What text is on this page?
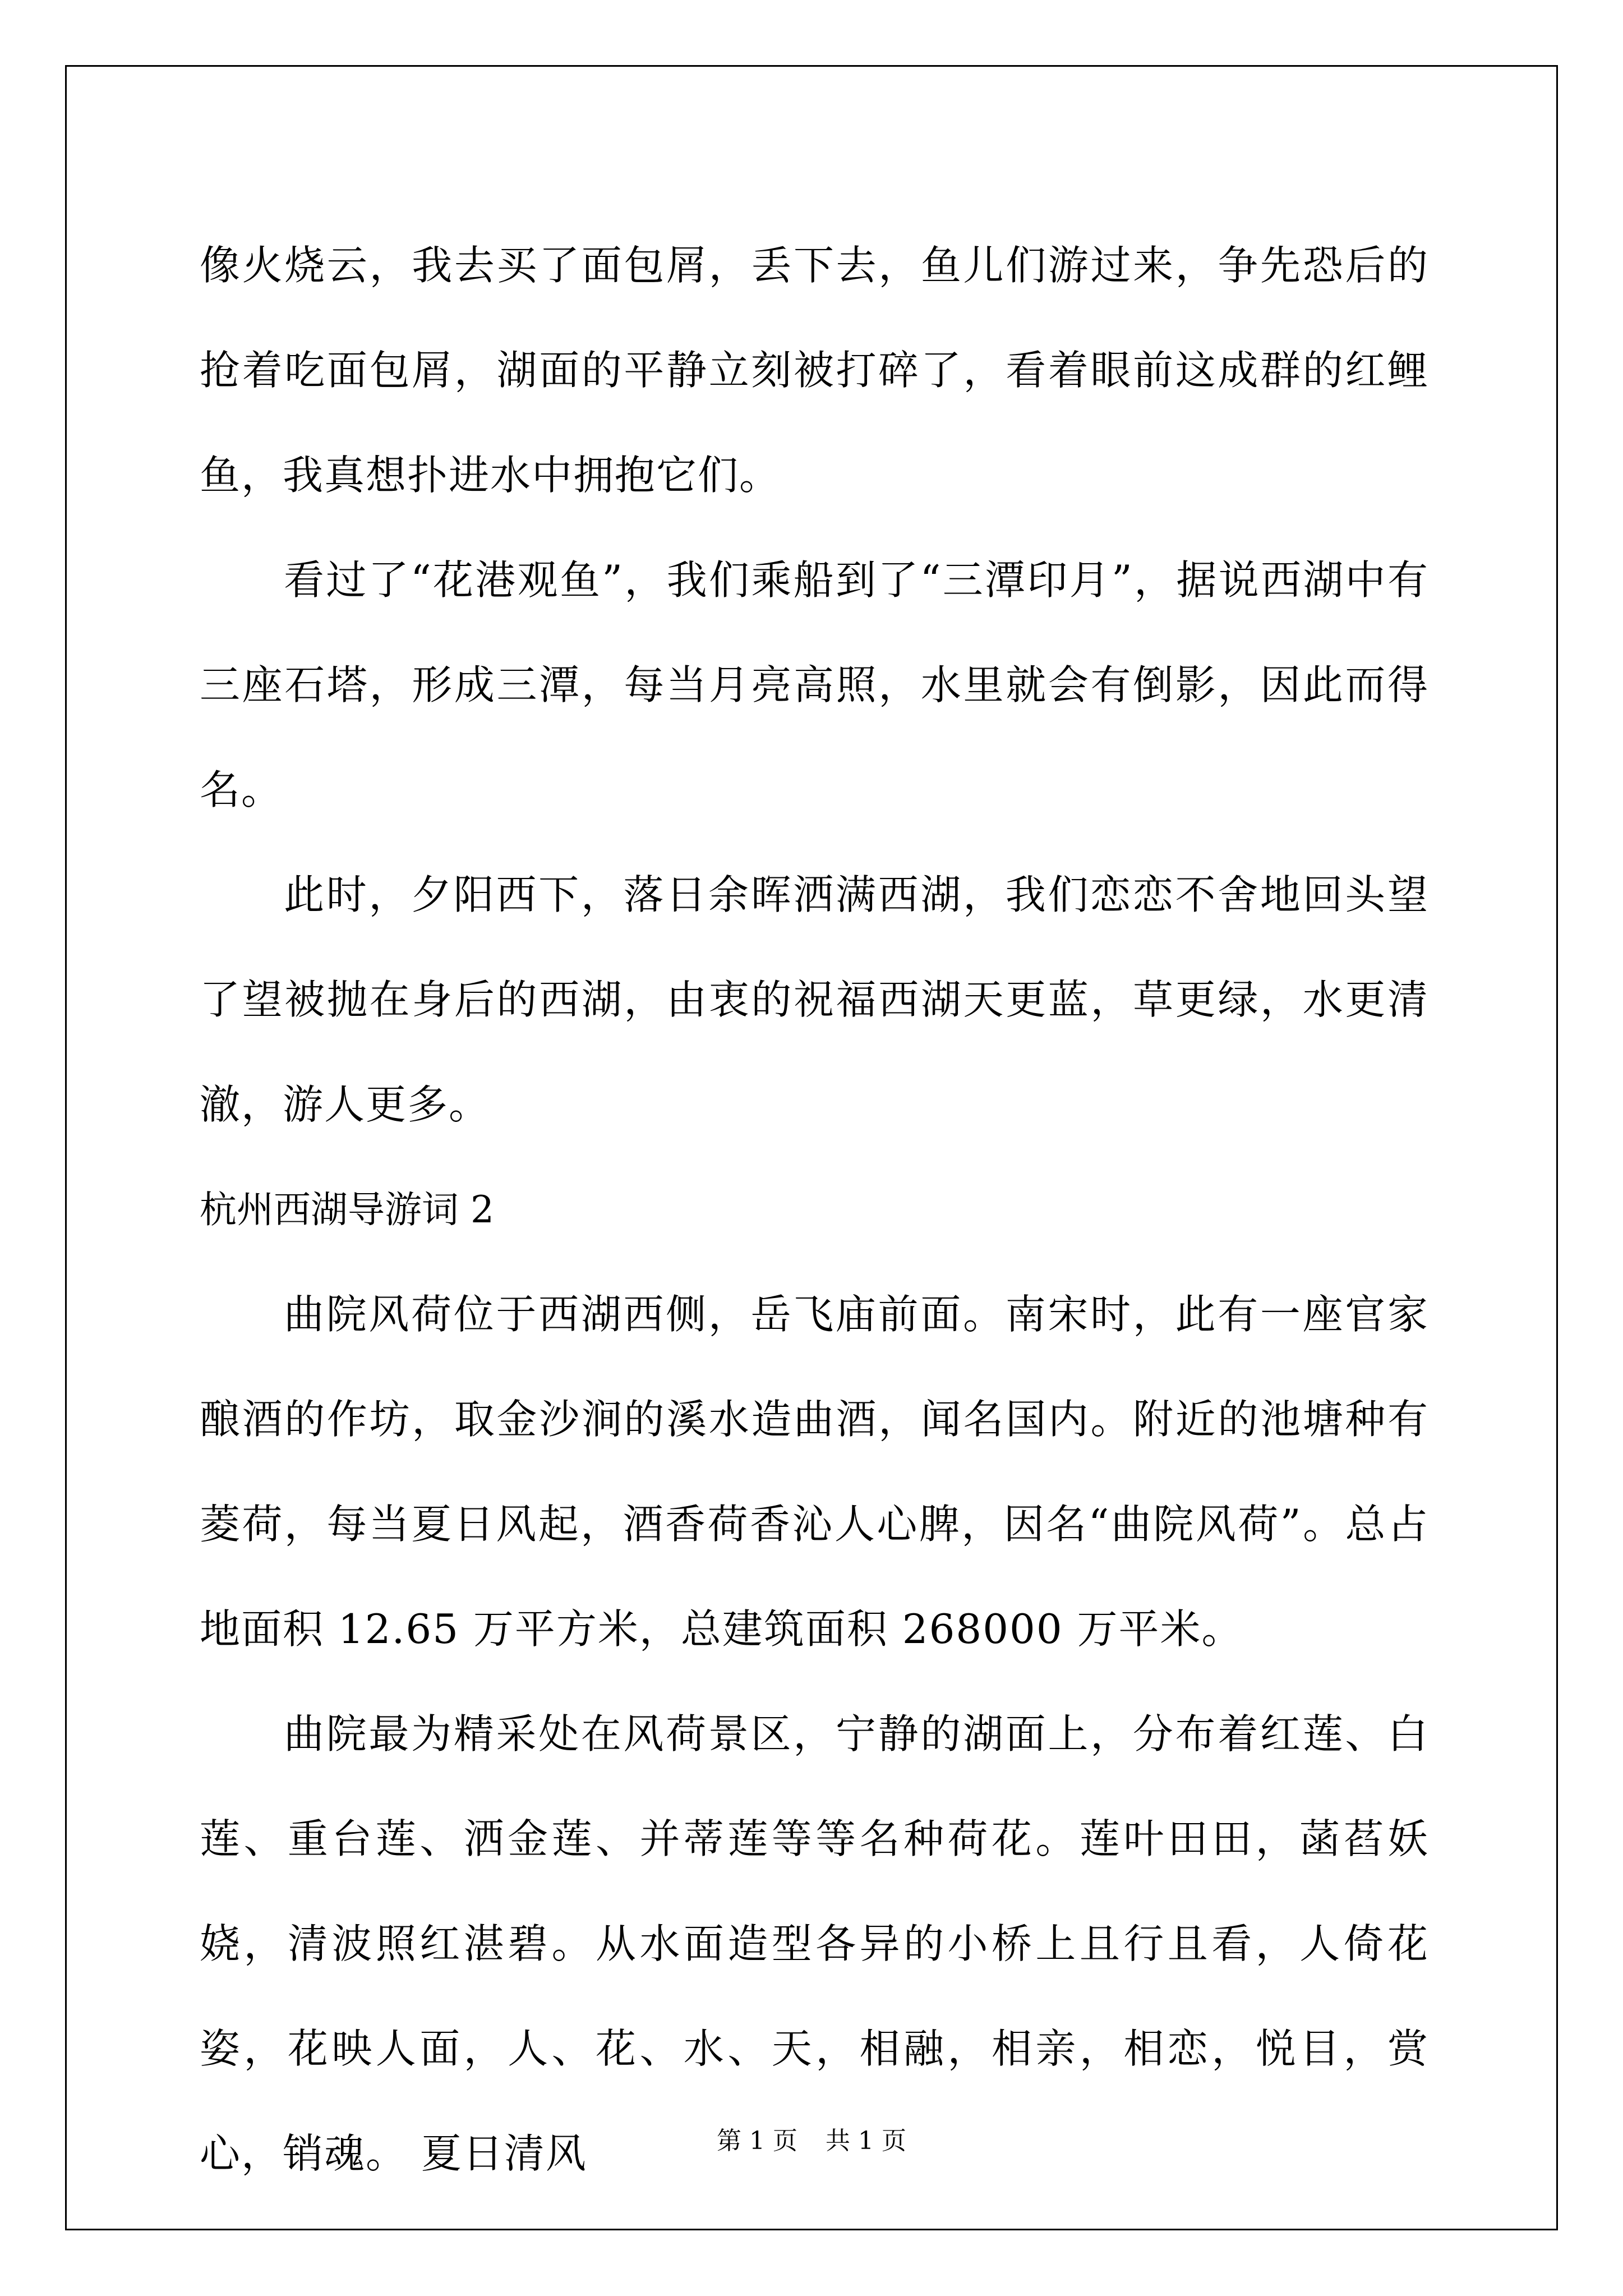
像火烧云，我去买了面包屑，丢下去，鱼儿们游过来，争先恐后的抢着吃面包屑，湖面的平静立刻被打碎了，看着眼前这成群的红鲤鱼，我真想扑进水中拥抱它们。

看过了“花港观鱼”，我们乘船到了“三潭印月”，据说西湖中有三座石塔，形成三潭，每当月亮高照，水里就会有倒影，因此而得名。

此时，夕阳西下，落日余晖洒满西湖，我们恋恋不舍地回头望了望被抛在身后的西湖，由衷的祝福西湖天更蓝，草更绿，水更清澈，游人更多。

杭州西湖导游词 2

曲院风荷位于西湖西侧，岳飞庙前面。南宋时，此有一座官家酿酒的作坊，取金沙涧的溪水造曲酒，闻名国内。附近的池塘种有菱荷，每当夏日风起，酒香荷香沁人心脾，因名“曲院风荷”。总占地面积 12.65 万平方米，总建筑面积 268000 万平米。

曲院最为精采处在风荷景区，宁静的湖面上，分布着红莲、白莲、重台莲、洒金莲、并蒂莲等等名种荷花。莲叶田田，菡萏妖娆，清波照红湛碧。从水面造型各异的小桥上且行且看，人倚花姿，花映人面，人、花、水、天，相融，相亲，相恋，悦目，赏心，销魂。 夏日清风	第 1 页 共 1 页
